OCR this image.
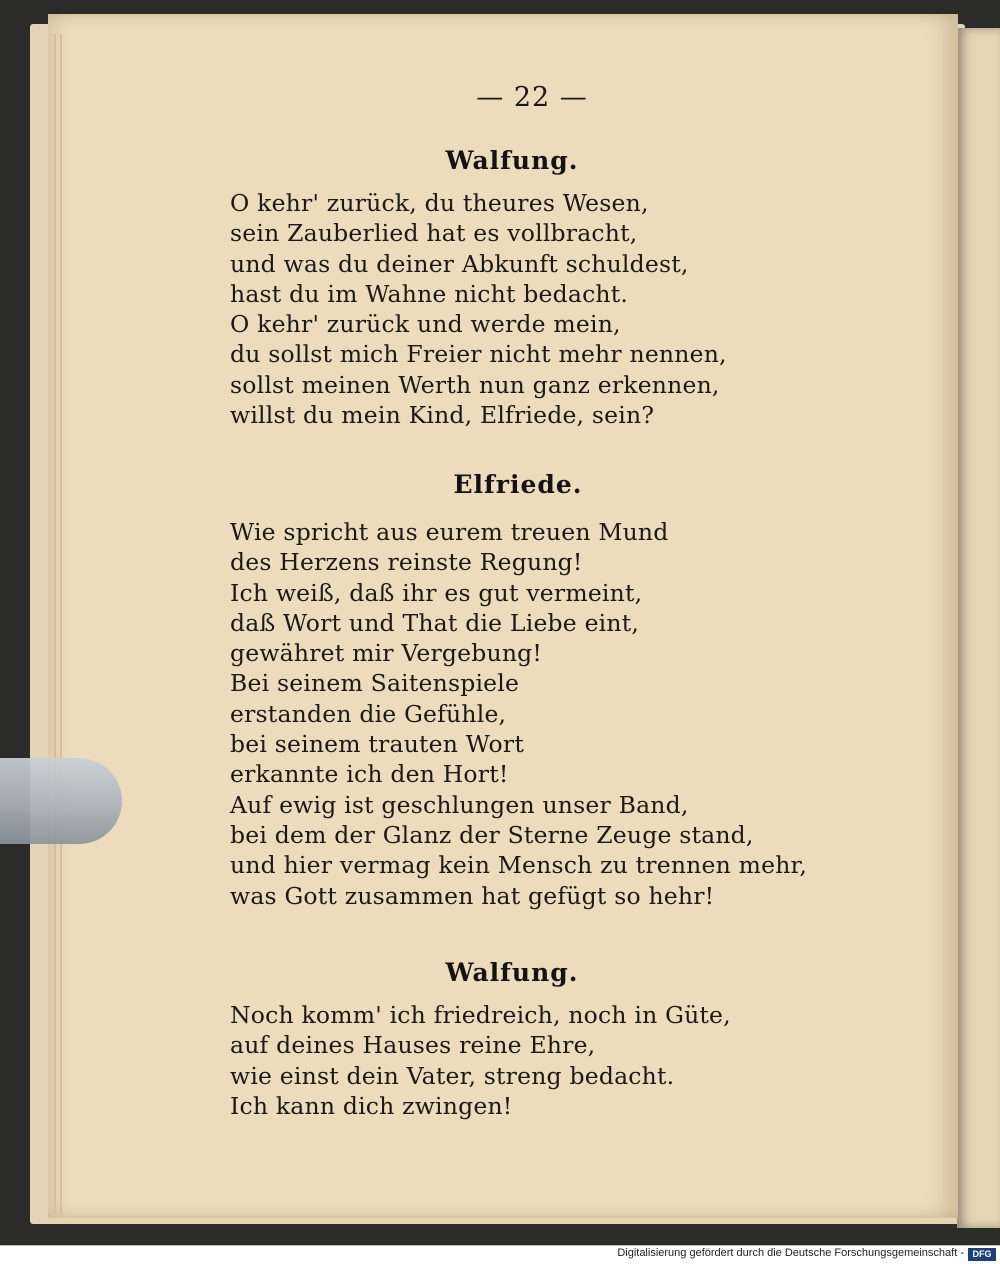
— 22 —
Walfung.
O kehr' zurück, du theures Wesen,
sein Zauberlied hat es vollbracht,
und was du deiner Abkunft schuldest,
hast du im Wahne nicht bedacht.
O kehr' zurück und werde mein,
du sollst mich Freier nicht mehr nennen,
sollst meinen Werth nun ganz erkennen,
willst du mein Kind, Elfriede, sein?
Elfriede.
Wie spricht aus eurem treuen Mund
des Herzens reinste Regung!
Ich weiß, daß ihr es gut vermeint,
daß Wort und That die Liebe eint,
gewähret mir Vergebung!
Bei seinem Saitenspiele
erstanden die Gefühle,
bei seinem trauten Wort
erkannte ich den Hort!
Auf ewig ist geschlungen unser Band,
bei dem der Glanz der Sterne Zeuge stand,
und hier vermag kein Mensch zu trennen mehr,
was Gott zusammen hat gefügt so hehr!
Walfung.
Noch komm' ich friedreich, noch in Güte,
auf deines Hauses reine Ehre,
wie einst dein Vater, streng bedacht.
Ich kann dich zwingen!
Digitalisierung gefördert durch die Deutsche Forschungsgemeinschaft - DFG
